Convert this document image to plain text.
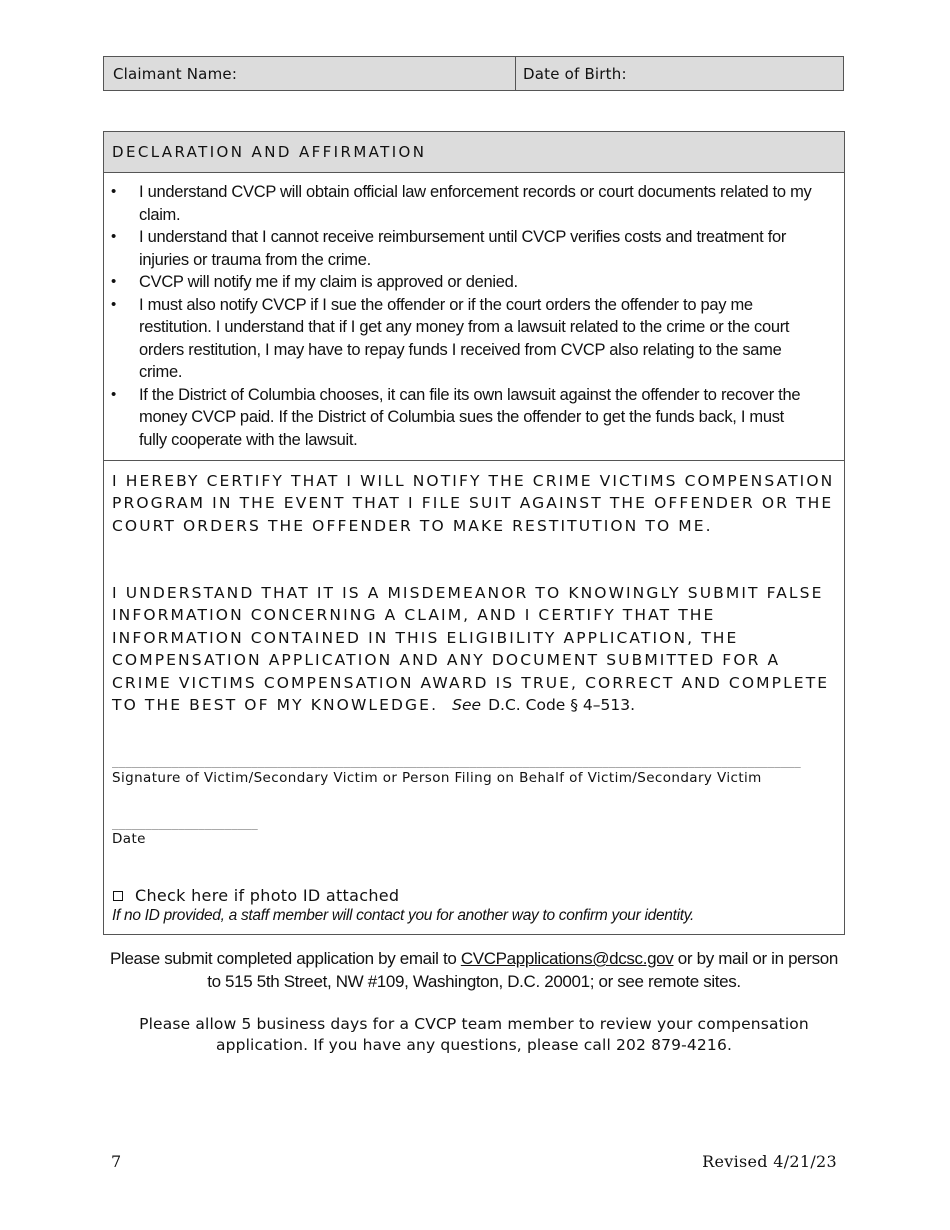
Claimant Name:	Date of Birth:
DECLARATION AND AFFIRMATION
• I understand CVCP will obtain official law enforcement records or court documents related to my claim.
• I understand that I cannot receive reimbursement until CVCP verifies costs and treatment for injuries or trauma from the crime.
• CVCP will notify me if my claim is approved or denied.
• I must also notify CVCP if I sue the offender or if the court orders the offender to pay me restitution. I understand that if I get any money from a lawsuit related to the crime or the court orders restitution, I may have to repay funds I received from CVCP also relating to the same crime.
• If the District of Columbia chooses, it can file its own lawsuit against the offender to recover the money CVCP paid. If the District of Columbia sues the offender to get the funds back, I must fully cooperate with the lawsuit.
I HEREBY CERTIFY THAT I WILL NOTIFY THE CRIME VICTIMS COMPENSATION PROGRAM IN THE EVENT THAT I FILE SUIT AGAINST THE OFFENDER OR THE COURT ORDERS THE OFFENDER TO MAKE RESTITUTION TO ME.
I UNDERSTAND THAT IT IS A MISDEMEANOR TO KNOWINGLY SUBMIT FALSE INFORMATION CONCERNING A CLAIM, AND I CERTIFY THAT THE INFORMATION CONTAINED IN THIS ELIGIBILITY APPLICATION, THE COMPENSATION APPLICATION AND ANY DOCUMENT SUBMITTED FOR A CRIME VICTIMS COMPENSATION AWARD IS TRUE, CORRECT AND COMPLETE TO THE BEST OF MY KNOWLEDGE. See D.C. Code § 4–513.
________________________________________________________________________________________________________
Signature of Victim/Secondary Victim or Person Filing on Behalf of Victim/Secondary Victim
______________________
Date
Check here if photo ID attached
If no ID provided, a staff member will contact you for another way to confirm your identity.
Please submit completed application by email to CVCPapplications@dcsc.gov or by mail or in person to 515 5th Street, NW #109, Washington, D.C. 20001; or see remote sites.
Please allow 5 business days for a CVCP team member to review your compensation application. If you have any questions, please call 202 879-4216.
7	Revised 4/21/23
